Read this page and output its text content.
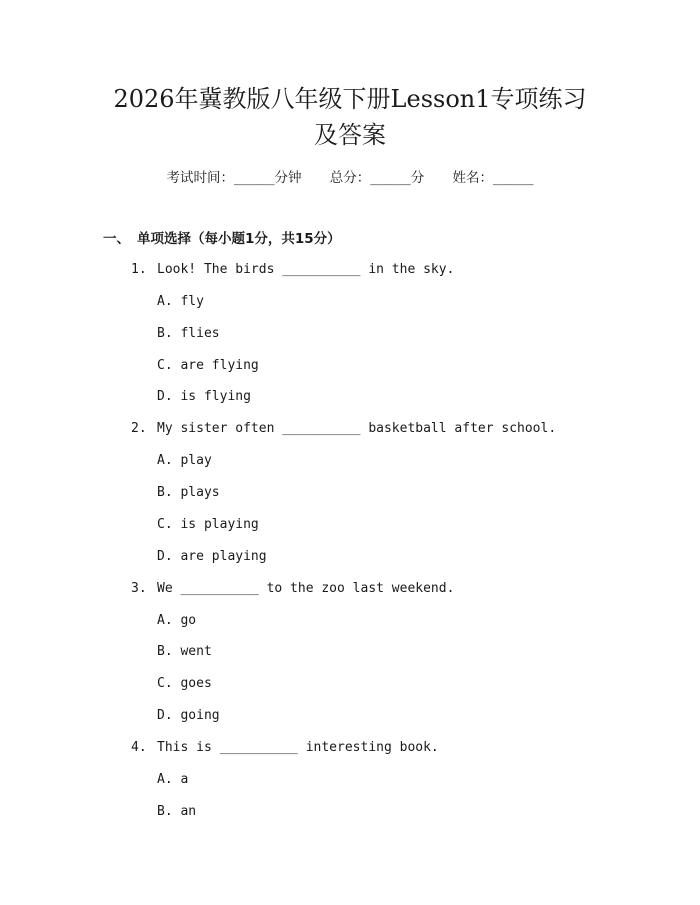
2026年冀教版八年级下册Lesson1专项练习
及答案
考试时间：______分钟 总分：______分 姓名：______
一、 单项选择（每小题1分，共15分）
1. Look! The birds __________ in the sky.
A. fly
B. flies
C. are flying
D. is flying
2. My sister often __________ basketball after school.
A. play
B. plays
C. is playing
D. are playing
3. We __________ to the zoo last weekend.
A. go
B. went
C. goes
D. going
4. This is __________ interesting book.
A. a
B. an
